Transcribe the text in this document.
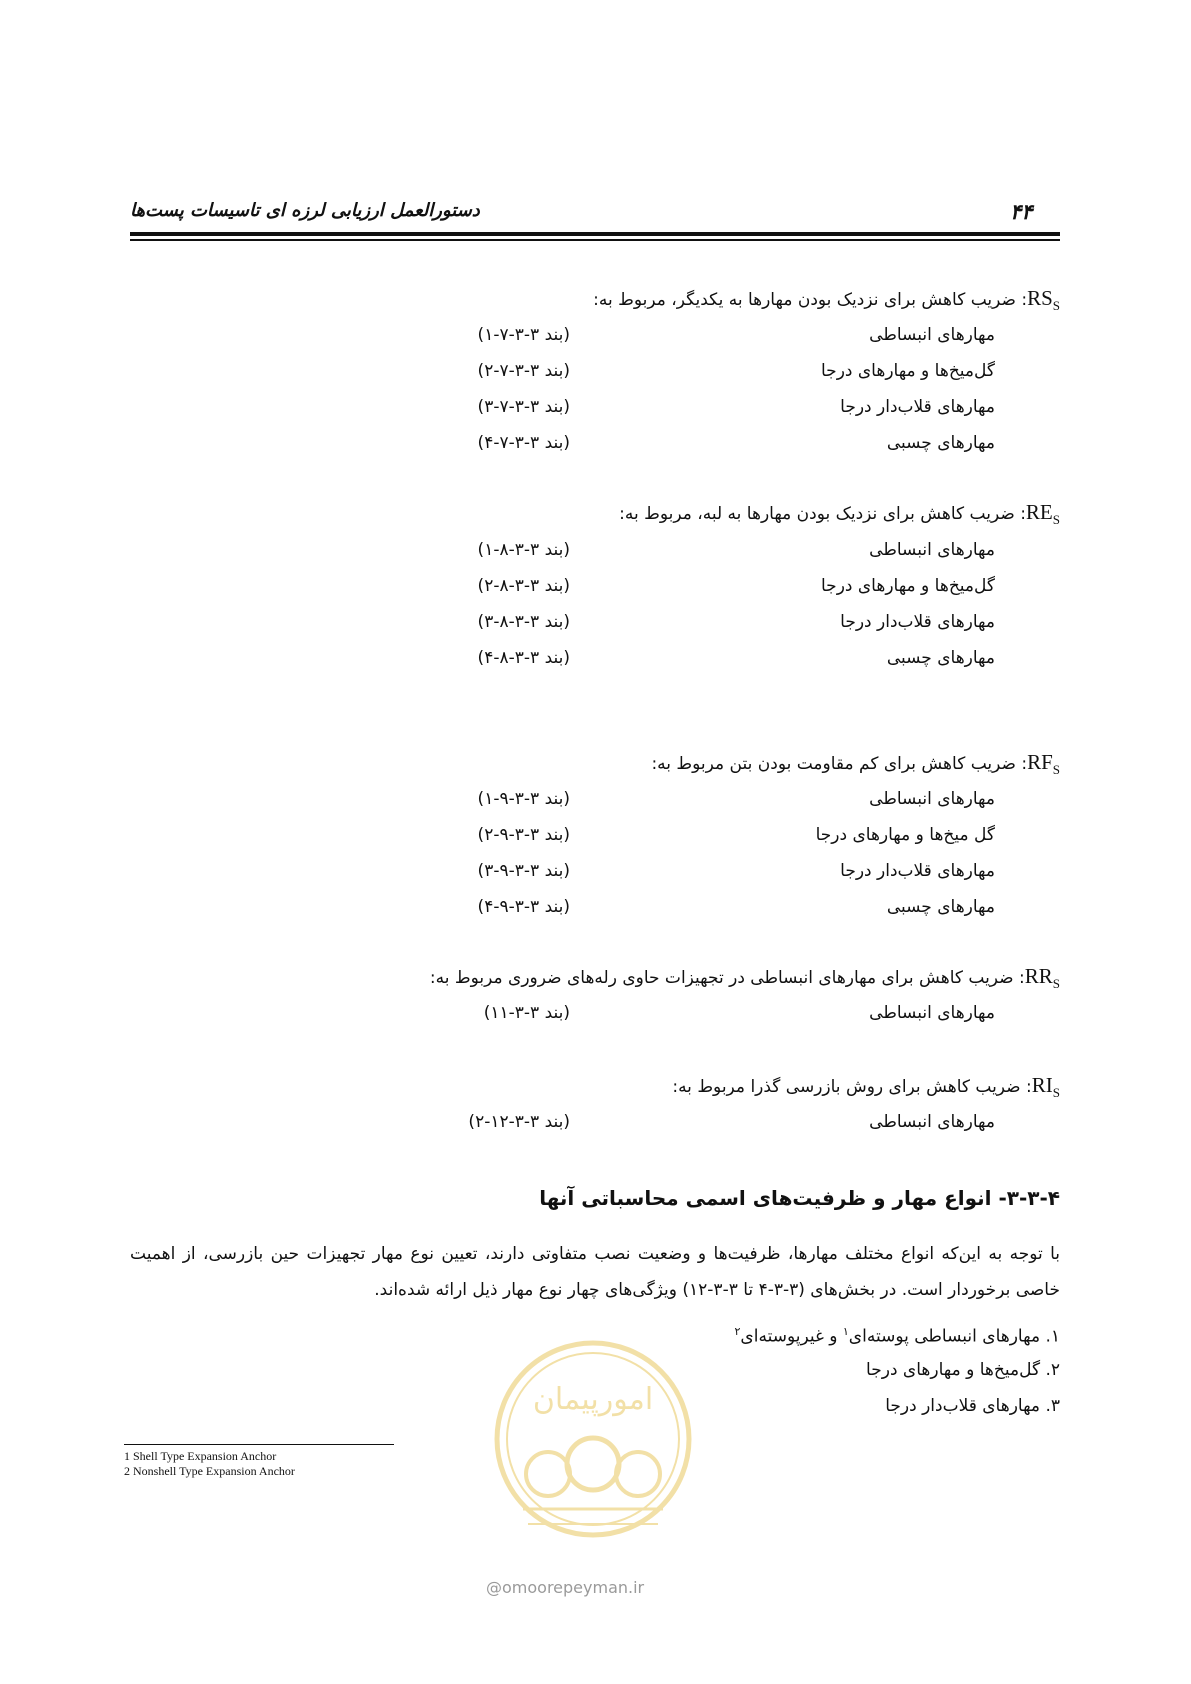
۴۴
دستورالعمل ارزیابی لرزه ای تاسیسات پست‌ها
$RS_S$: ضریب کاهش برای نزدیک بودن مهارها به یکدیگر، مربوط به:
مهارهای انبساطی
(بند ۳-۳-۷-۱)
گل‌میخ‌ها و مهارهای درجا
(بند ۳-۳-۷-۲)
مهارهای قلاب‌دار درجا
(بند ۳-۳-۷-۳)
مهارهای چسبی
(بند ۳-۳-۷-۴)
$RE_S$: ضریب کاهش برای نزدیک بودن مهارها به لبه، مربوط به:
مهارهای انبساطی
(بند ۳-۳-۸-۱)
گل‌میخ‌ها و مهارهای درجا
(بند ۳-۳-۸-۲)
مهارهای قلاب‌دار درجا
(بند ۳-۳-۸-۳)
مهارهای چسبی
(بند ۳-۳-۸-۴)
$RF_S$: ضریب کاهش برای کم مقاومت بودن بتن مربوط به:
مهارهای انبساطی
(بند ۳-۳-۹-۱)
گل میخ‌ها و مهارهای درجا
(بند ۳-۳-۹-۲)
مهارهای قلاب‌دار درجا
(بند ۳-۳-۹-۳)
مهارهای چسبی
(بند ۳-۳-۹-۴)
$RR_S$: ضریب کاهش برای مهارهای انبساطی در تجهیزات حاوی رله‌های ضروری مربوط به:
مهارهای انبساطی
(بند ۳-۳-۱۱)
$RI_S$: ضریب کاهش برای روش بازرسی گذرا مربوط به:
مهارهای انبساطی
(بند ۳-۳-۱۲-۲)
۳-۳-۴- انواع مهار و ظرفیت‌های اسمی محاسباتی آنها
با توجه به این‌که انواع مختلف مهارها، ظرفیت‌ها و وضعیت نصب متفاوتی دارند، تعیین نوع مهار تجهیزات حین بازرسی، از اهمیت خاصی برخوردار است. در بخش‌های (۳-۳-۴ تا ۳-۳-۱۲) ویژگی‌های چهار نوع مهار ذیل ارائه شده‌اند.
۱. مهارهای انبساطی پوسته‌ای$^۱$ و غیرپوسته‌ای$^۲$
۲. گل‌میخ‌ها و مهارهای درجا
۳. مهارهای قلاب‌دار درجا
امورپیمان
@omoorepeyman.ir
1 Shell Type Expansion Anchor
2 Nonshell Type Expansion Anchor
